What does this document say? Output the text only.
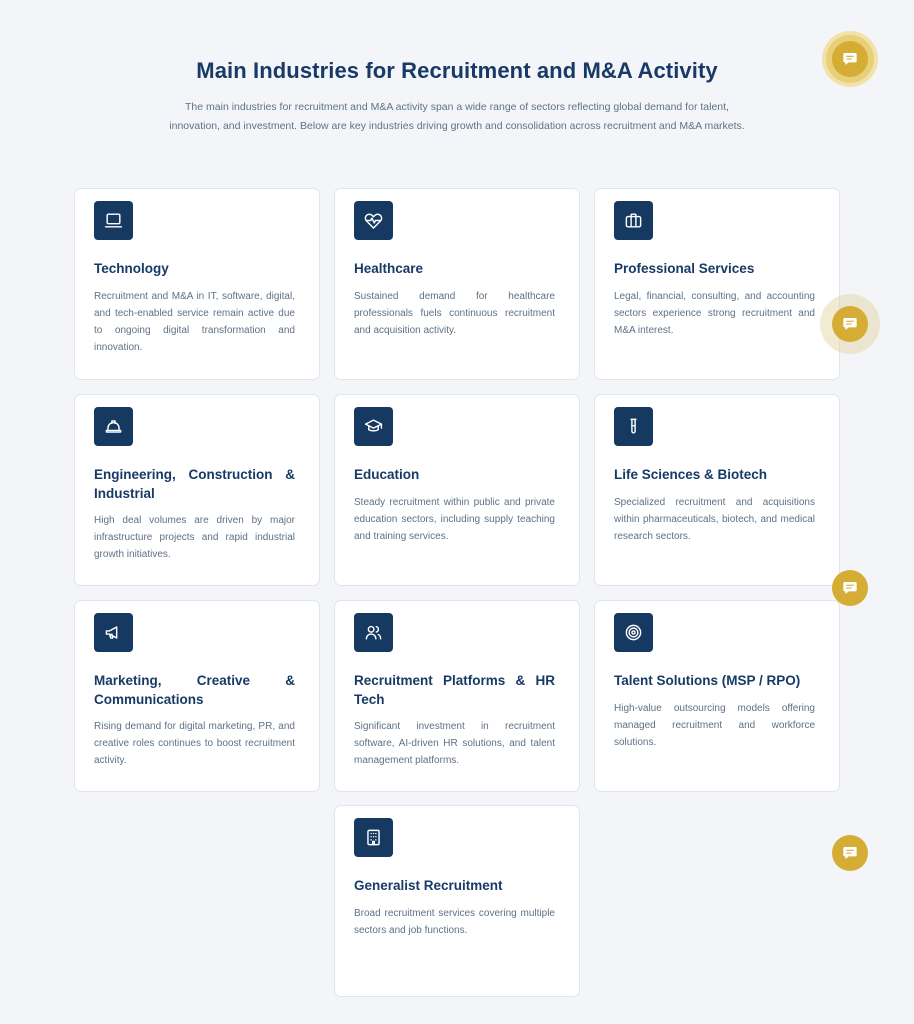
Main Industries for Recruitment and M&A Activity

The main industries for recruitment and M&A activity span a wide range of sectors reflecting global demand for talent, innovation, and investment. Below are key industries driving growth and consolidation across recruitment and M&A markets.

Technology

Recruitment and M&A in IT, software, digital, and tech-enabled service remain active due to ongoing digital transformation and innovation.

Healthcare

Sustained demand for healthcare professionals fuels continuous recruitment and acquisition activity.

Professional Services

Legal, financial, consulting, and accounting sectors experience strong recruitment and M&A interest.

Engineering, Construction & Industrial

High deal volumes are driven by major infrastructure projects and rapid industrial growth initiatives.

Education

Steady recruitment within public and private education sectors, including supply teaching and training services.

Life Sciences & Biotech

Specialized recruitment and acquisitions within pharmaceuticals, biotech, and medical research sectors.

Marketing, Creative & Communications

Rising demand for digital marketing, PR, and creative roles continues to boost recruitment activity.

Recruitment Platforms & HR Tech

Significant investment in recruitment software, AI-driven HR solutions, and talent management platforms.

Talent Solutions (MSP / RPO)

High-value outsourcing models offering managed recruitment and workforce solutions.

Generalist Recruitment

Broad recruitment services covering multiple sectors and job functions.
